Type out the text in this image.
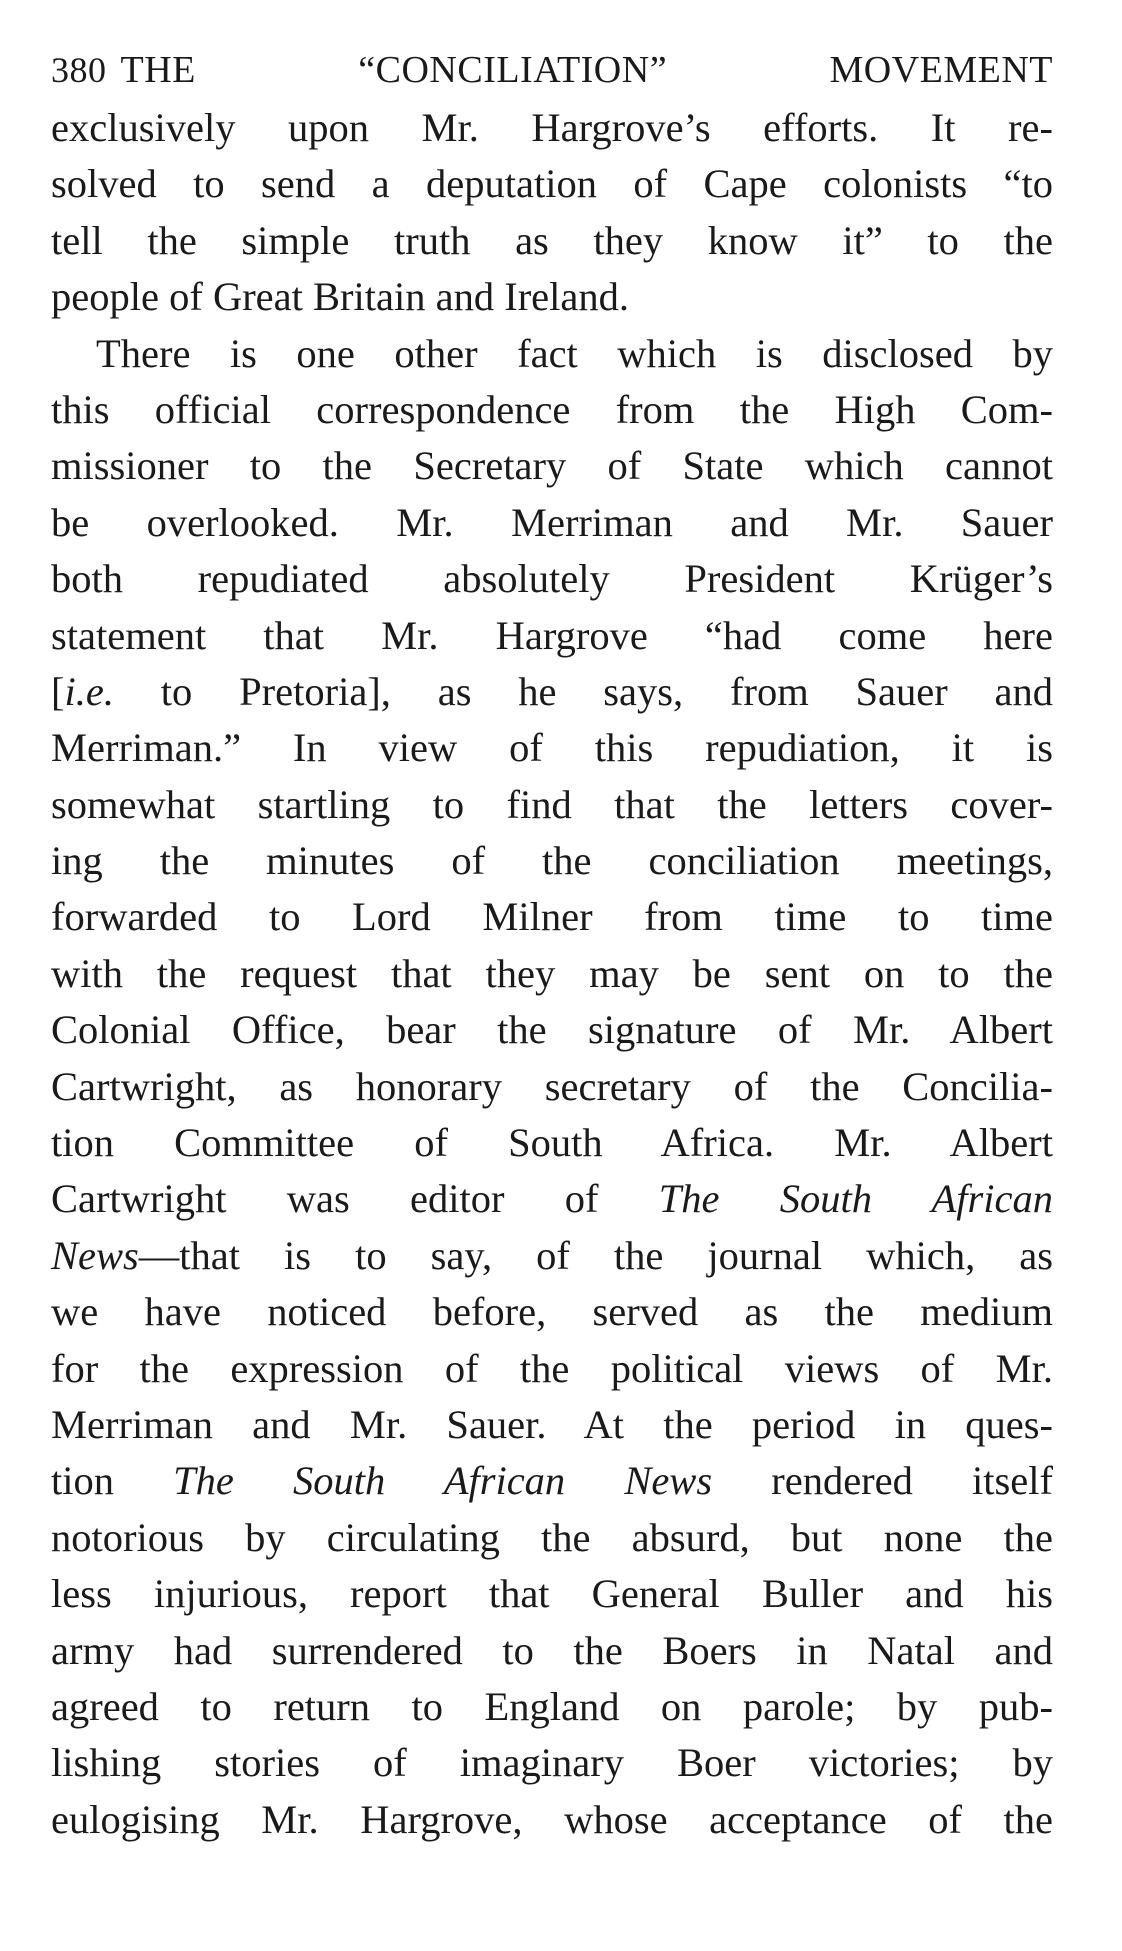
380 THE	“CONCILIATION”	MOVEMENT
exclusively upon Mr. Hargrove’s efforts. It re-
solved to send a deputation of Cape colonists “to
tell the simple truth as they know it” to the
people of Great Britain and Ireland.
There is one other fact which is disclosed by
this official correspondence from the High Com-
missioner to the Secretary of State which cannot
be overlooked. Mr. Merriman and Mr. Sauer
both repudiated absolutely President Krüger’s
statement that Mr. Hargrove “had come here
[i.e. to Pretoria], as he says, from Sauer and
Merriman.” In view of this repudiation, it is
somewhat startling to find that the letters cover-
ing the minutes of the conciliation meetings,
forwarded to Lord Milner from time to time
with the request that they may be sent on to the
Colonial Office, bear the signature of Mr. Albert
Cartwright, as honorary secretary of the Concilia-
tion Committee of South Africa. Mr. Albert
Cartwright was editor of The South African
News—that is to say, of the journal which, as
we have noticed before, served as the medium
for the expression of the political views of Mr.
Merriman and Mr. Sauer. At the period in ques-
tion The South African News rendered itself
notorious by circulating the absurd, but none the
less injurious, report that General Buller and his
army had surrendered to the Boers in Natal and
agreed to return to England on parole; by pub-
lishing stories of imaginary Boer victories; by
eulogising Mr. Hargrove, whose acceptance of the
